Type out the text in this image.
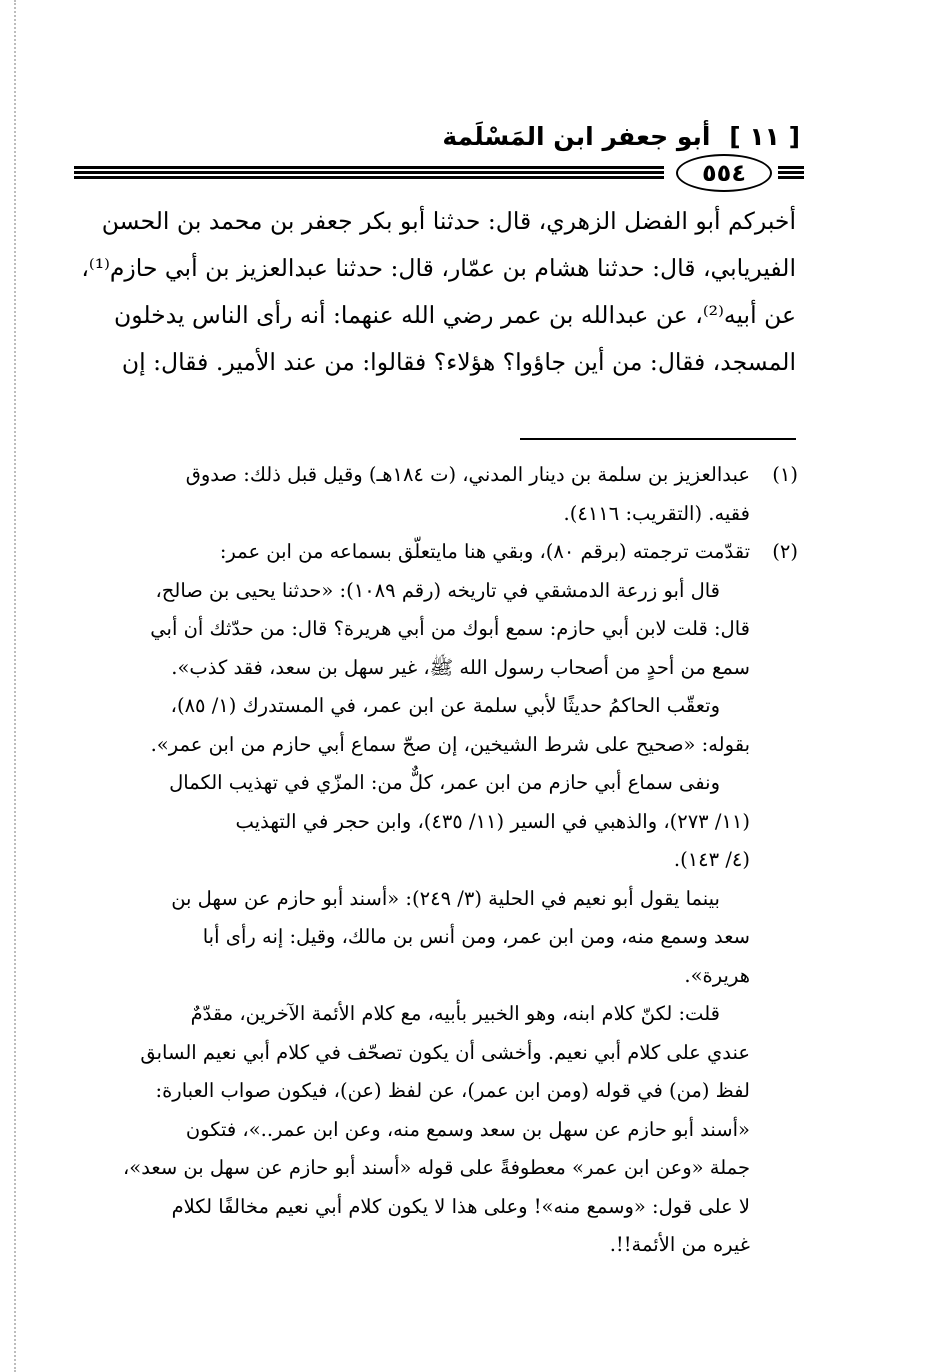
[ ١١ ] أبو جعفر ابن المَسْلَمة
٥٥٤
أخبركم أبو الفضل الزهري، قال: حدثنا أبو بكر جعفر بن محمد بن الحسن
الفيريابي، قال: حدثنا هشام بن عمّار، قال: حدثنا عبدالعزيز بن أبي حازم⁽¹⁾،
عن أبيه⁽²⁾، عن عبدالله بن عمر رضي الله عنهما: أنه رأى الناس يدخلون
المسجد، فقال: من أين جاؤوا؟ هؤلاء؟ فقالوا: من عند الأمير. فقال: إن
(١)
عبدالعزيز بن سلمة بن دينار المدني، (ت ١٨٤هـ) وقيل قبل ذلك: صدوق
فقيه. (التقريب: ٤١١٦).
(٢)
تقدّمت ترجمته (برقم ٨٠)، وبقي هنا مايتعلّق بسماعه من ابن عمر:
قال أبو زرعة الدمشقي في تاريخه (رقم ١٠٨٩): «حدثنا يحيى بن صالح،
قال: قلت لابن أبي حازم: سمع أبوك من أبي هريرة؟ قال: من حدّثك أن أبي
سمع من أحدٍ من أصحاب رسول الله ﷺ، غير سهل بن سعد، فقد كذب».
وتعقّب الحاكمُ حديثًا لأبي سلمة عن ابن عمر، في المستدرك (١/ ٨٥)،
بقوله: «صحيح على شرط الشيخين، إن صحّ سماع أبي حازم من ابن عمر».
ونفى سماع أبي حازم من ابن عمر، كلٌّ من: المزّي في تهذيب الكمال
(١١/ ٢٧٣)، والذهبي في السير (١١/ ٤٣٥)، وابن حجر في التهذيب
(٤/ ١٤٣).
بينما يقول أبو نعيم في الحلية (٣/ ٢٤٩): «أسند أبو حازم عن سهل بن
سعد وسمع منه، ومن ابن عمر، ومن أنس بن مالك، وقيل: إنه رأى أبا
هريرة».
قلت: لكنّ كلام ابنه، وهو الخبير بأبيه، مع كلام الأئمة الآخرين، مقدّمٌ
عندي على كلام أبي نعيم. وأخشى أن يكون تصحّف في كلام أبي نعيم السابق
لفظ (من) في قوله (ومن ابن عمر)، عن لفظ (عن)، فيكون صواب العبارة:
«أسند أبو حازم عن سهل بن سعد وسمع منه، وعن ابن عمر..»، فتكون
جملة «وعن ابن عمر» معطوفةً على قوله «أسند أبو حازم عن سهل بن سعد»،
لا على قول: «وسمع منه»! وعلى هذا لا يكون كلام أبي نعيم مخالفًا لكلام
غيره من الأئمة!!.
